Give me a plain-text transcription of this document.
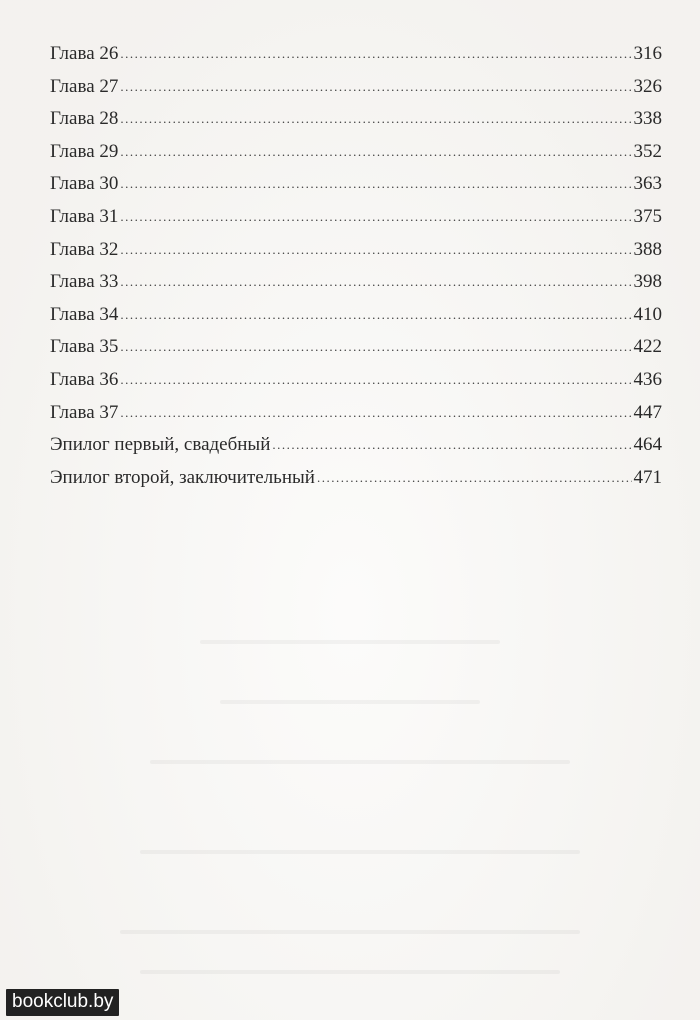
Глава 26 .....	316
Глава 27 .....	326
Глава 28 .....	338
Глава 29 .....	352
Глава 30 .....	363
Глава 31 .....	375
Глава 32 .....	388
Глава 33 .....	398
Глава 34 .....	410
Глава 35 .....	422
Глава 36 .....	436
Глава 37 .....	447
Эпилог первый, свадебный .....	464
Эпилог второй, заключительный .....	471
bookclub.by
